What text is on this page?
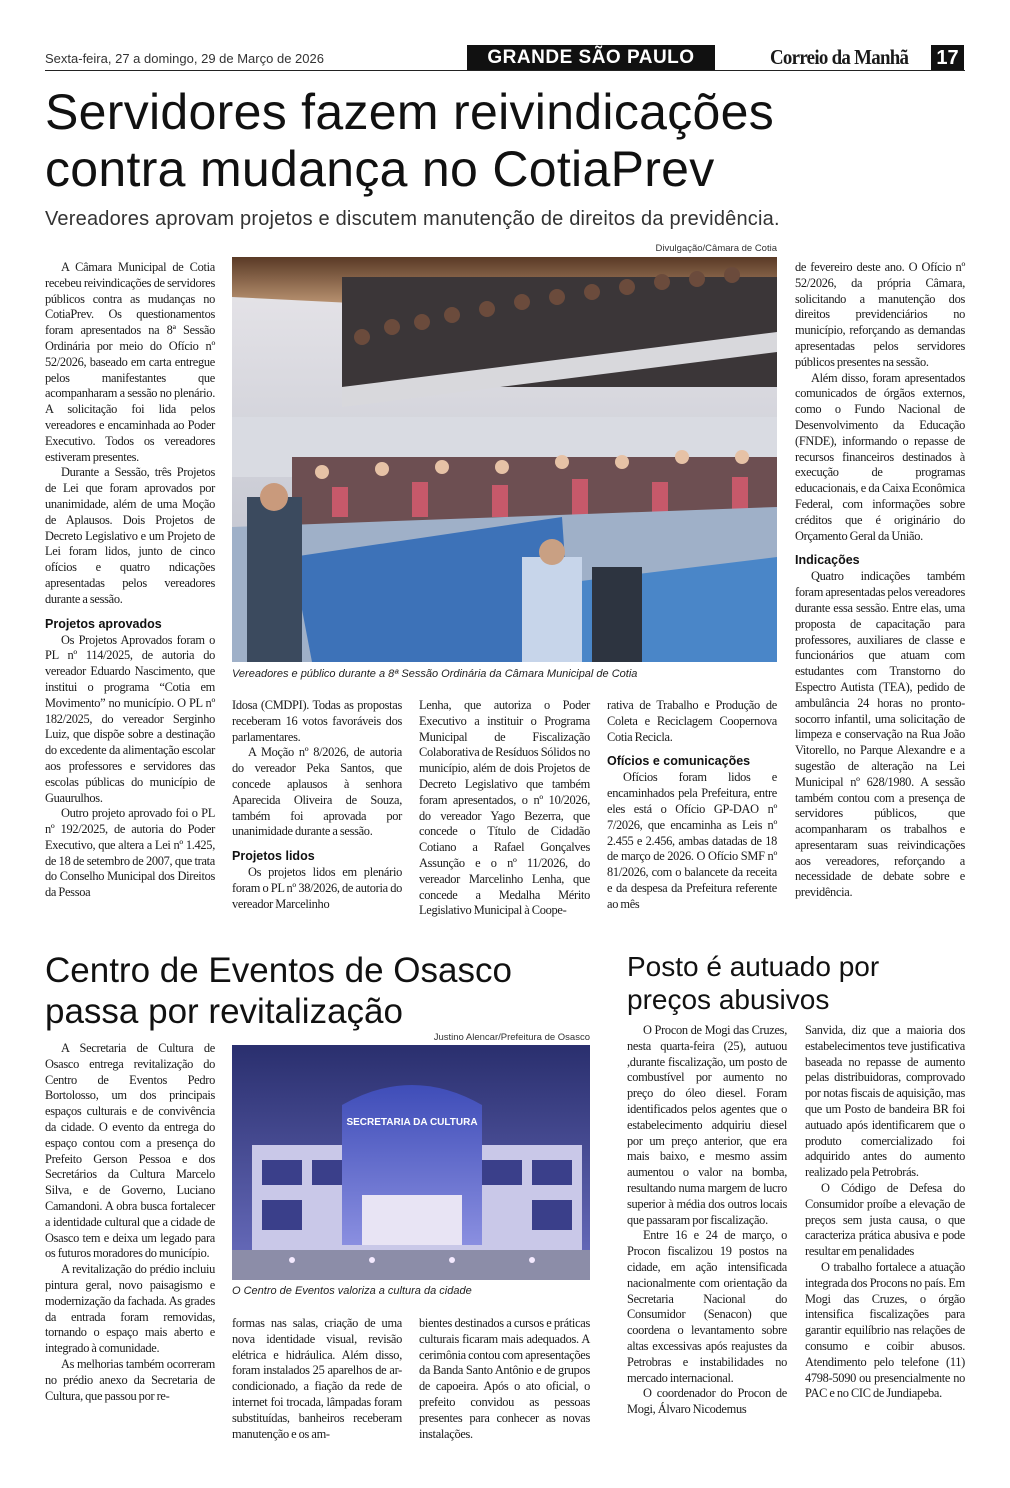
Sexta-feira, 27 a domingo, 29 de Março de 2026	GRANDE SÃO PAULO	Correio da Manhã 17
Servidores fazem reivindicações
contra mudança no CotiaPrev
Vereadores aprovam projetos e discutem manutenção de direitos da previdência.
Divulgação/Câmara de Cotia
Vereadores e público durante a 8ª Sessão Ordinária da Câmara Municipal de Cotia

A Câmara Municipal de Cotia recebeu reivindicações de servidores públicos contra as mudanças no CotiaPrev. Os questionamentos foram apresentados na 8ª Sessão Ordinária por meio do Ofício nº 52/2026, baseado em carta entregue pelos manifestantes que acompanharam a sessão no plenário. A solicitação foi lida pelos vereadores e encaminhada ao Poder Executivo. Todos os vereadores estiveram presentes.

Durante a Sessão, três Projetos de Lei que foram aprovados por unanimidade, além de uma Moção de Aplausos. Dois Projetos de Decreto Legislativo e um Projeto de Lei foram lidos, junto de cinco ofícios e quatro ndicações apresentadas pelos vereadores durante a sessão.

Projetos aprovados

Os Projetos Aprovados foram o PL nº 114/2025, de autoria do vereador Eduardo Nascimento, que institui o programa “Cotia em Movimento” no município. O PL nº 182/2025, do vereador Serginho Luiz, que dispõe sobre a destinação do excedente da alimentação escolar aos professores e servidores das escolas públicas do município de Guaurulhos.

Outro projeto aprovado foi o PL nº 192/2025, de autoria do Poder Executivo, que altera a Lei nº 1.425, de 18 de setembro de 2007, que trata do Conselho Municipal dos Direitos da Pessoa

Idosa (CMDPI). Todas as propostas receberam 16 votos favoráveis dos parlamentares.

A Moção nº 8/2026, de autoria do vereador Peka Santos, que concede aplausos à senhora Aparecida Oliveira de Souza, também foi aprovada por unanimidade durante a sessão.

Projetos lidos

Os projetos lidos em plenário foram o PL nº 38/2026, de autoria do vereador Marcelinho

Lenha, que autoriza o Poder Executivo a instituir o Programa Municipal de Fiscalização Colaborativa de Resíduos Sólidos no município, além de dois Projetos de Decreto Legislativo que também foram apresentados, o nº 10/2026, do vereador Yago Bezerra, que concede o Título de Cidadão Cotiano a Rafael Gonçalves Assunção e o nº 11/2026, do vereador Marcelinho Lenha, que concede a Medalha Mérito Legislativo Municipal à Coope-

rativa de Trabalho e Produção de Coleta e Reciclagem Coopernova Cotia Recicla.

Ofícios e comunicações

Ofícios foram lidos e encaminhados pela Prefeitura, entre eles está o Ofício GP-DAO nº 7/2026, que encaminha as Leis nº 2.455 e 2.456, ambas datadas de 18 de março de 2026. O Ofício SMF nº 81/2026, com o balancete da receita e da despesa da Prefeitura referente ao mês

de fevereiro deste ano. O Ofício nº 52/2026, da própria Câmara, solicitando a manutenção dos direitos previdenciários no município, reforçando as demandas apresentadas pelos servidores públicos presentes na sessão.

Além disso, foram apresentados comunicados de órgãos externos, como o Fundo Nacional de Desenvolvimento da Educação (FNDE), informando o repasse de recursos financeiros destinados à execução de programas educacionais, e da Caixa Econômica Federal, com informações sobre créditos que é originário do Orçamento Geral da União.

Indicações

Quatro indicações também foram apresentadas pelos vereadores durante essa sessão. Entre elas, uma proposta de capacitação para professores, auxiliares de classe e funcionários que atuam com estudantes com Transtorno do Espectro Autista (TEA), pedido de ambulância 24 horas no pronto-socorro infantil, uma solicitação de limpeza e conservação na Rua João Vitorello, no Parque Alexandre e a sugestão de alteração na Lei Municipal nº 628/1980. A sessão também contou com a presença de servidores públicos, que acompanharam os trabalhos e apresentaram suas reivindicações aos vereadores, reforçando a necessidade de debate sobre e previdência.

Centro de Eventos de Osasco
passa por revitalização
Justino Alencar/Prefeitura de Osasco
SECRETARIA DA CULTURA
O Centro de Eventos valoriza a cultura da cidade

A Secretaria de Cultura de Osasco entrega revitalização do Centro de Eventos Pedro Bortolosso, um dos principais espaços culturais e de convivência da cidade. O evento da entrega do espaço contou com a presença do Prefeito Gerson Pessoa e dos Secretários da Cultura Marcelo Silva, e de Governo, Luciano Camandoni. A obra busca fortalecer a identidade cultural que a cidade de Osasco tem e deixa um legado para os futuros moradores do município.

A revitalização do prédio incluiu pintura geral, novo paisagismo e modernização da fachada. As grades da entrada foram removidas, tornando o espaço mais aberto e integrado à comunidade.

As melhorias também ocorreram no prédio anexo da Secretaria de Cultura, que passou por re-

formas nas salas, criação de uma nova identidade visual, revisão elétrica e hidráulica. Além disso, foram instalados 25 aparelhos de ar-condicionado, a fiação da rede de internet foi trocada, lâmpadas foram substituídas, banheiros receberam manutenção e os am-

bientes destinados a cursos e práticas culturais ficaram mais adequados. A cerimônia contou com apresentações da Banda Santo Antônio e de grupos de capoeira. Após o ato oficial, o prefeito convidou as pessoas presentes para conhecer as novas instalações.

Posto é autuado por
preços abusivos

O Procon de Mogi das Cruzes, nesta quarta-feira (25), autuou ,durante fiscalização, um posto de combustível por aumento no preço do óleo diesel. Foram identificados pelos agentes que o estabelecimento adquiriu diesel por um preço anterior, que era mais baixo, e mesmo assim aumentou o valor na bomba, resultando numa margem de lucro superior à média dos outros locais que passaram por fiscalização.

Entre 16 e 24 de março, o Procon fiscalizou 19 postos na cidade, em ação intensificada nacionalmente com orientação da Secretaria Nacional do Consumidor (Senacon) que coordena o levantamento sobre altas excessivas após reajustes da Petrobras e instabilidades no mercado internacional.

O coordenador do Procon de Mogi, Álvaro Nicodemus

Sanvida, diz que a maioria dos estabelecimentos teve justificativa baseada no repasse de aumento pelas distribuidoras, comprovado por notas fiscais de aquisição, mas que um Posto de bandeira BR foi autuado após identificarem que o produto comercializado foi adquirido antes do aumento realizado pela Petrobrás.

O Código de Defesa do Consumidor proíbe a elevação de preços sem justa causa, o que caracteriza prática abusiva e pode resultar em penalidades

O trabalho fortalece a atuação integrada dos Procons no país. Em Mogi das Cruzes, o órgão intensifica fiscalizações para garantir equilíbrio nas relações de consumo e coibir abusos. Atendimento pelo telefone (11) 4798-5090 ou presencialmente no PAC e no CIC de Jundiapeba.
